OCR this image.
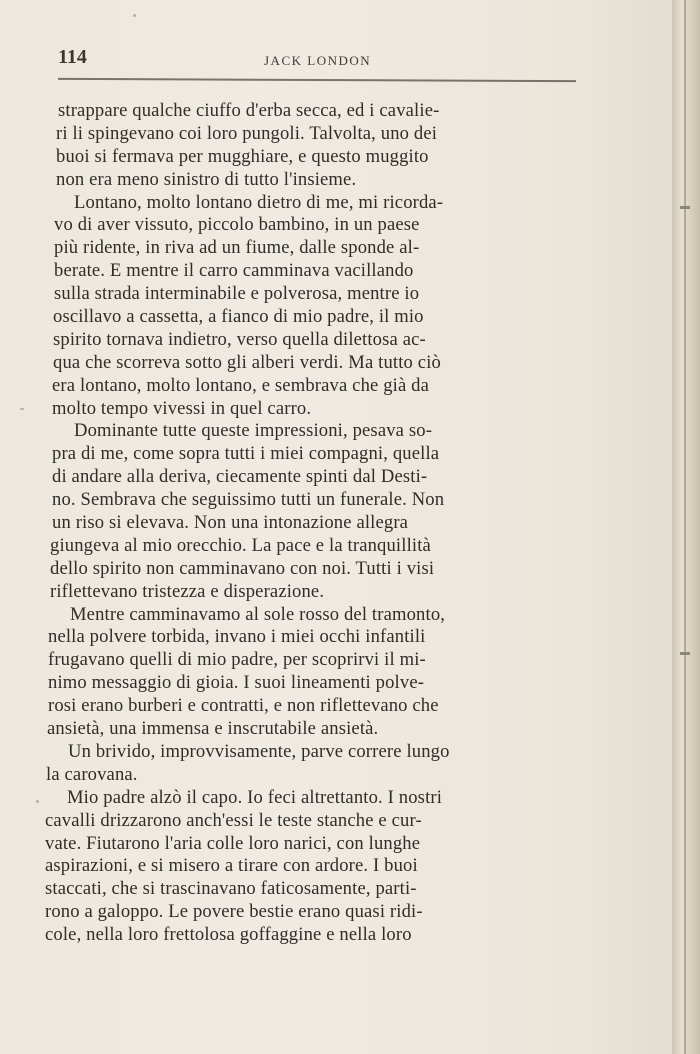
114	JACK LONDON
strappare qualche ciuffo d'erba secca, ed i cavalie-
ri li spingevano coi loro pungoli. Talvolta, uno dei
buoi si fermava per mugghiare, e questo muggito
non era meno sinistro di tutto l'insieme.
Lontano, molto lontano dietro di me, mi ricorda-
vo di aver vissuto, piccolo bambino, in un paese
più ridente, in riva ad un fiume, dalle sponde al-
berate. E mentre il carro camminava vacillando
sulla strada interminabile e polverosa, mentre io
oscillavo a cassetta, a fianco di mio padre, il mio
spirito tornava indietro, verso quella dilettosa ac-
qua che scorreva sotto gli alberi verdi. Ma tutto ciò
era lontano, molto lontano, e sembrava che già da
molto tempo vivessi in quel carro.
Dominante tutte queste impressioni, pesava so-
pra di me, come sopra tutti i miei compagni, quella
di andare alla deriva, ciecamente spinti dal Desti-
no. Sembrava che seguissimo tutti un funerale. Non
un riso si elevava. Non una intonazione allegra
giungeva al mio orecchio. La pace e la tranquillità
dello spirito non camminavano con noi. Tutti i visi
riflettevano tristezza e disperazione.
Mentre camminavamo al sole rosso del tramonto,
nella polvere torbida, invano i miei occhi infantili
frugavano quelli di mio padre, per scoprirvi il mi-
nimo messaggio di gioia. I suoi lineamenti polve-
rosi erano burberi e contratti, e non riflettevano che
ansietà, una immensa e inscrutabile ansietà.
Un brivido, improvvisamente, parve correre lungo
la carovana.
Mio padre alzò il capo. Io feci altrettanto. I nostri
cavalli drizzarono anch'essi le teste stanche e cur-
vate. Fiutarono l'aria colle loro narici, con lunghe
aspirazioni, e si misero a tirare con ardore. I buoi
staccati, che si trascinavano faticosamente, parti-
rono a galoppo. Le povere bestie erano quasi ridi-
cole, nella loro frettolosa goffaggine e nella loro
